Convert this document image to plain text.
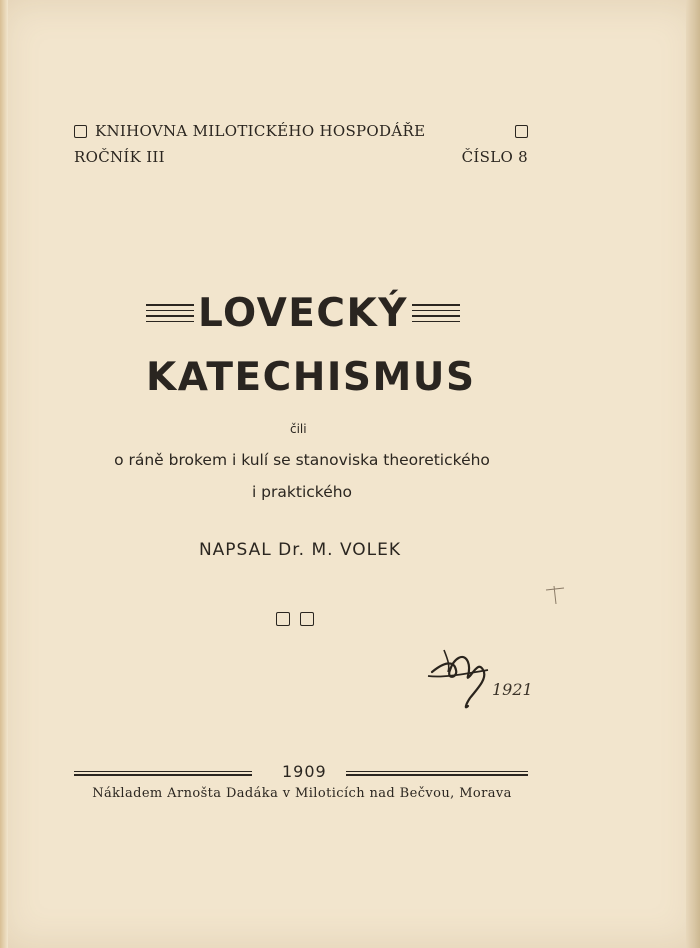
KNIHOVNA MILOTICKÉHO HOSPODÁŘE
ROČNÍK III	ČÍSLO 8
LOVECKÝ
KATECHISMUS
čili
o ráně brokem i kulí se stanoviska theoretického
i praktického
NAPSAL Dr. M. VOLEK
1921
1909
Nákladem Arnošta Dadáka v Miloticích nad Bečvou, Morava
